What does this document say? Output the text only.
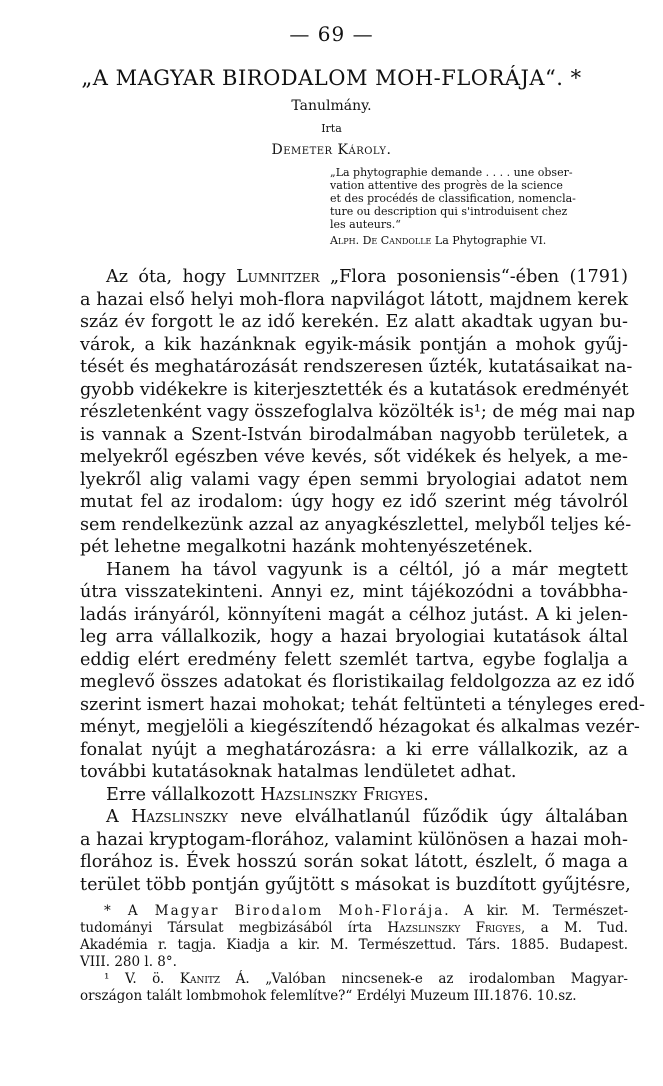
— 69 —
„A MAGYAR BIRODALOM MOH-FLORÁJA“. *
Tanulmány.
Irta
Demeter Károly.
„La phytographie demande . . . . une obser-
vation attentive des progrès de la science
et des procédés de classification, nomencla-
ture ou description qui s'introduisent chez
les auteurs.“
Alph. De Candolle La Phytographie VI.
Az óta, hogy Lumnitzer „Flora posoniensis“-ében (1791)
a hazai első helyi moh-flora napvilágot látott, majdnem kerek
száz év forgott le az idő kerekén. Ez alatt akadtak ugyan bu-
várok, a kik hazánknak egyik-másik pontján a mohok gyűj-
tését és meghatározását rendszeresen űzték, kutatásaikat na-
gyobb vidékekre is kiterjesztették és a kutatások eredményét
részletenként vagy összefoglalva közölték is¹; de még mai nap
is vannak a Szent-István birodalmában nagyobb területek, a
melyekről egészben véve kevés, sőt vidékek és helyek, a me-
lyekről alig valami vagy épen semmi bryologiai adatot nem
mutat fel az irodalom: úgy hogy ez idő szerint még távolról
sem rendelkezünk azzal az anyagkészlettel, melyből teljes ké-
pét lehetne megalkotni hazánk mohtenyészetének.
Hanem ha távol vagyunk is a céltól, jó a már megtett
útra visszatekinteni. Annyi ez, mint tájékozódni a továbbha-
ladás irányáról, könnyíteni magát a célhoz jutást. A ki jelen-
leg arra vállalkozik, hogy a hazai bryologiai kutatások által
eddig elért eredmény felett szemlét tartva, egybe foglalja a
meglevő összes adatokat és floristikailag feldolgozza az ez idő
szerint ismert hazai mohokat; tehát feltünteti a tényleges ered-
ményt, megjelöli a kiegészítendő hézagokat és alkalmas vezér-
fonalat nyújt a meghatározásra: a ki erre vállalkozik, az a
további kutatásoknak hatalmas lendületet adhat.
Erre vállalkozott Hazslinszky Frigyes.
A Hazslinszky neve elválhatlanúl fűződik úgy általában
a hazai kryptogam-florához, valamint különösen a hazai moh-
florához is. Évek hosszú során sokat látott, észlelt, ő maga a
terület több pontján gyűjtött s másokat is buzdított gyűjtésre,
* A Magyar Birodalom Moh-Florája. A kir. M. Természet-
tudományi Társulat megbizásából írta Hazslinszky Frigyes, a M. Tud.
Akadémia r. tagja. Kiadja a kir. M. Természettud. Társ. 1885. Budapest.
VIII. 280 l. 8°.
¹ V. ö. Kanitz Á. „Valóban nincsenek-e az irodalomban Magyar-
országon talált lombmohok felemlítve?“ Erdélyi Muzeum III.1876. 10.sz.
